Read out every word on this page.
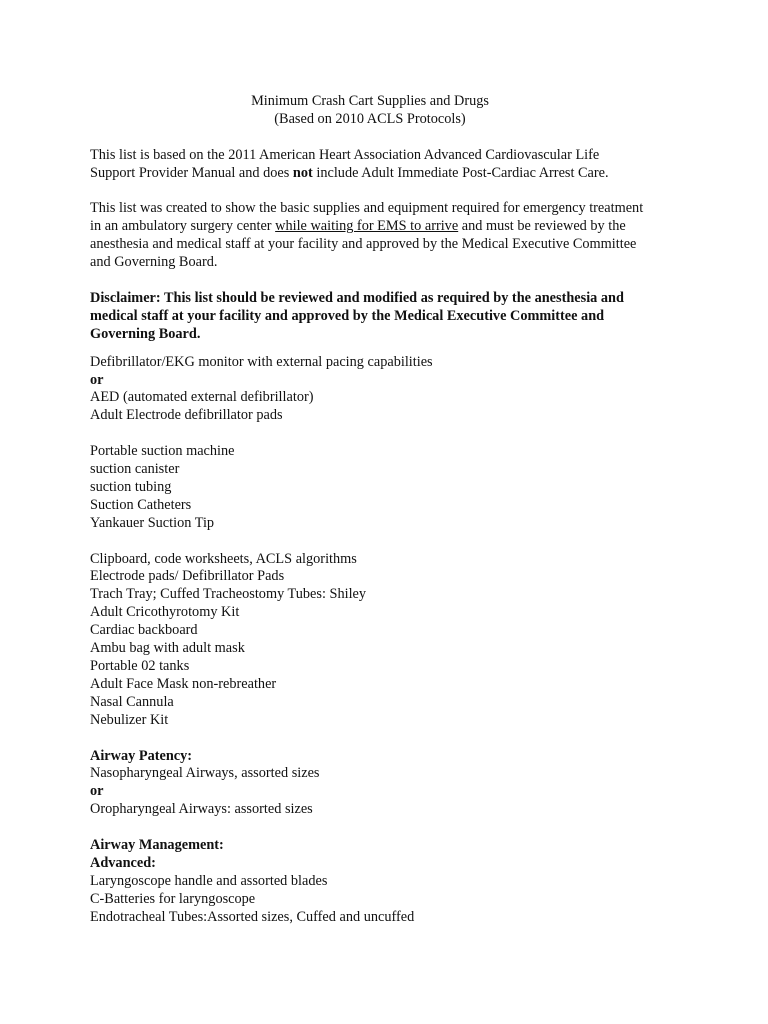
Minimum Crash Cart Supplies and Drugs
(Based on 2010 ACLS Protocols)
This list is based on the 2011 American Heart Association Advanced Cardiovascular Life
Support Provider Manual and does not include Adult Immediate Post-Cardiac Arrest Care.
This list was created to show the basic supplies and equipment required for emergency treatment
in an ambulatory surgery center while waiting for EMS to arrive and must be reviewed by the
anesthesia and medical staff at your facility and approved by the Medical Executive Committee
and Governing Board.
Disclaimer: This list should be reviewed and modified as required by the anesthesia and
medical staff at your facility and approved by the Medical Executive Committee and
Governing Board.
Defibrillator/EKG monitor with external pacing capabilities
or
AED (automated external defibrillator)
Adult Electrode defibrillator pads
Portable suction machine
suction canister
suction tubing
Suction Catheters
Yankauer Suction Tip
Clipboard, code worksheets, ACLS algorithms
Electrode pads/ Defibrillator Pads
Trach Tray; Cuffed Tracheostomy Tubes: Shiley
Adult Cricothyrotomy Kit
Cardiac backboard
Ambu bag with adult mask
Portable 02 tanks
Adult Face Mask non-rebreather
Nasal Cannula
Nebulizer Kit
Airway Patency:
Nasopharyngeal Airways, assorted sizes
or
Oropharyngeal Airways: assorted sizes
Airway Management:
Advanced:
Laryngoscope handle and assorted blades
C-Batteries for laryngoscope
Endotracheal Tubes:Assorted sizes, Cuffed and uncuffed
